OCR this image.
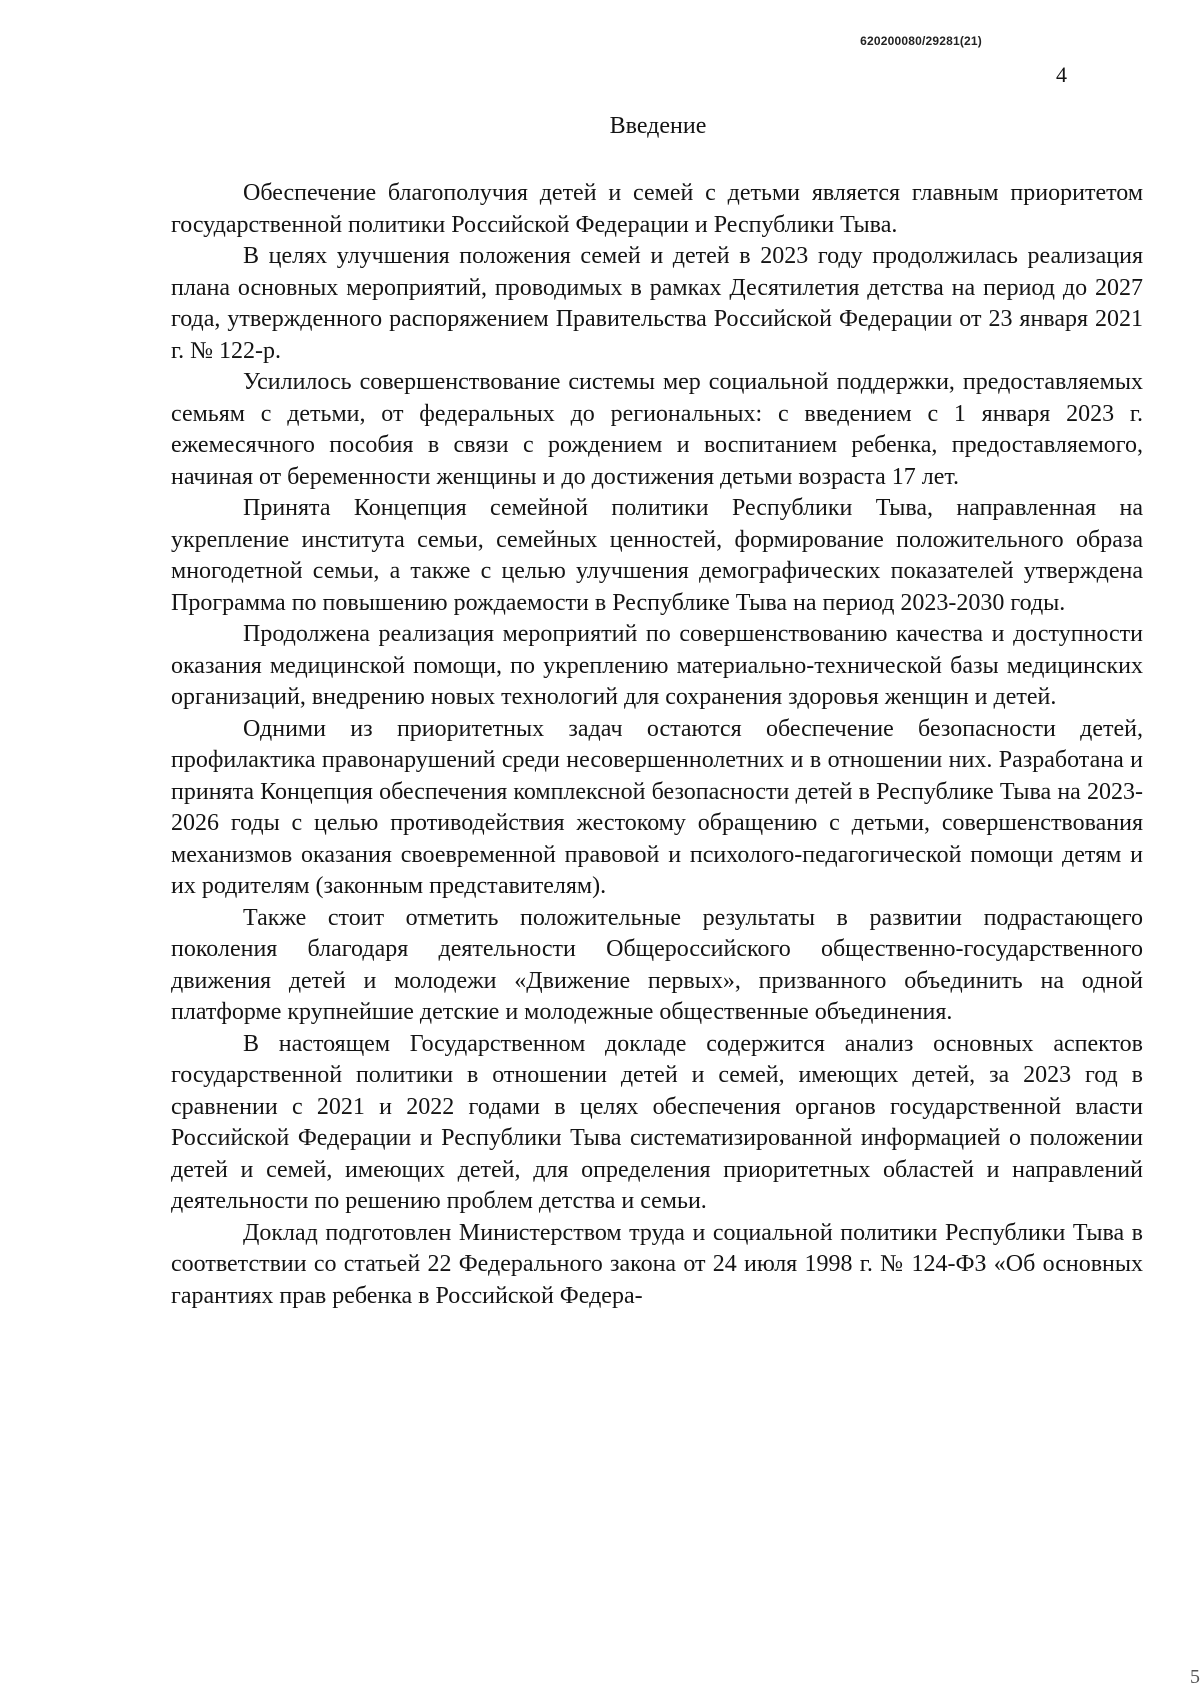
620200080/29281(21)
4
Введение

Обеспечение благополучия детей и семей с детьми является главным приоритетом государственной политики Российской Федерации и Республики Тыва.

В целях улучшения положения семей и детей в 2023 году продолжилась реализация плана основных мероприятий, проводимых в рамках Десятилетия детства на период до 2027 года, утвержденного распоряжением Правительства Российской Федерации от 23 января 2021 г. № 122-р.

Усилилось совершенствование системы мер социальной поддержки, предоставляемых семьям с детьми, от федеральных до региональных: с введением с 1 января 2023 г. ежемесячного пособия в связи с рождением и воспитанием ребенка, предоставляемого, начиная от беременности женщины и до достижения детьми возраста 17 лет.

Принята Концепция семейной политики Республики Тыва, направленная на укрепление института семьи, семейных ценностей, формирование положительного образа многодетной семьи, а также с целью улучшения демографических показателей утверждена Программа по повышению рождаемости в Республике Тыва на период 2023-2030 годы.

Продолжена реализация мероприятий по совершенствованию качества и доступности оказания медицинской помощи, по укреплению материально-технической базы медицинских организаций, внедрению новых технологий для сохранения здоровья женщин и детей.

Одними из приоритетных задач остаются обеспечение безопасности детей, профилактика правонарушений среди несовершеннолетних и в отношении них. Разработана и принята Концепция обеспечения комплексной безопасности детей в Республике Тыва на 2023-2026 годы с целью противодействия жестокому обращению с детьми, совершенствования механизмов оказания своевременной правовой и психолого-педагогической помощи детям и их родителям (законным представителям).

Также стоит отметить положительные результаты в развитии подрастающего поколения благодаря деятельности Общероссийского общественно-государственного движения детей и молодежи «Движение первых», призванного объединить на одной платформе крупнейшие детские и молодежные общественные объединения.

В настоящем Государственном докладе содержится анализ основных аспектов государственной политики в отношении детей и семей, имеющих детей, за 2023 год в сравнении с 2021 и 2022 годами в целях обеспечения органов государственной власти Российской Федерации и Республики Тыва систематизированной информацией о положении детей и семей, имеющих детей, для определения приоритетных областей и направлений деятельности по решению проблем детства и семьи.

Доклад подготовлен Министерством труда и социальной политики Республики Тыва в соответствии со статьей 22 Федерального закона от 24 июля 1998 г. № 124-ФЗ «Об основных гарантиях прав ребенка в Российской Федера-

5
